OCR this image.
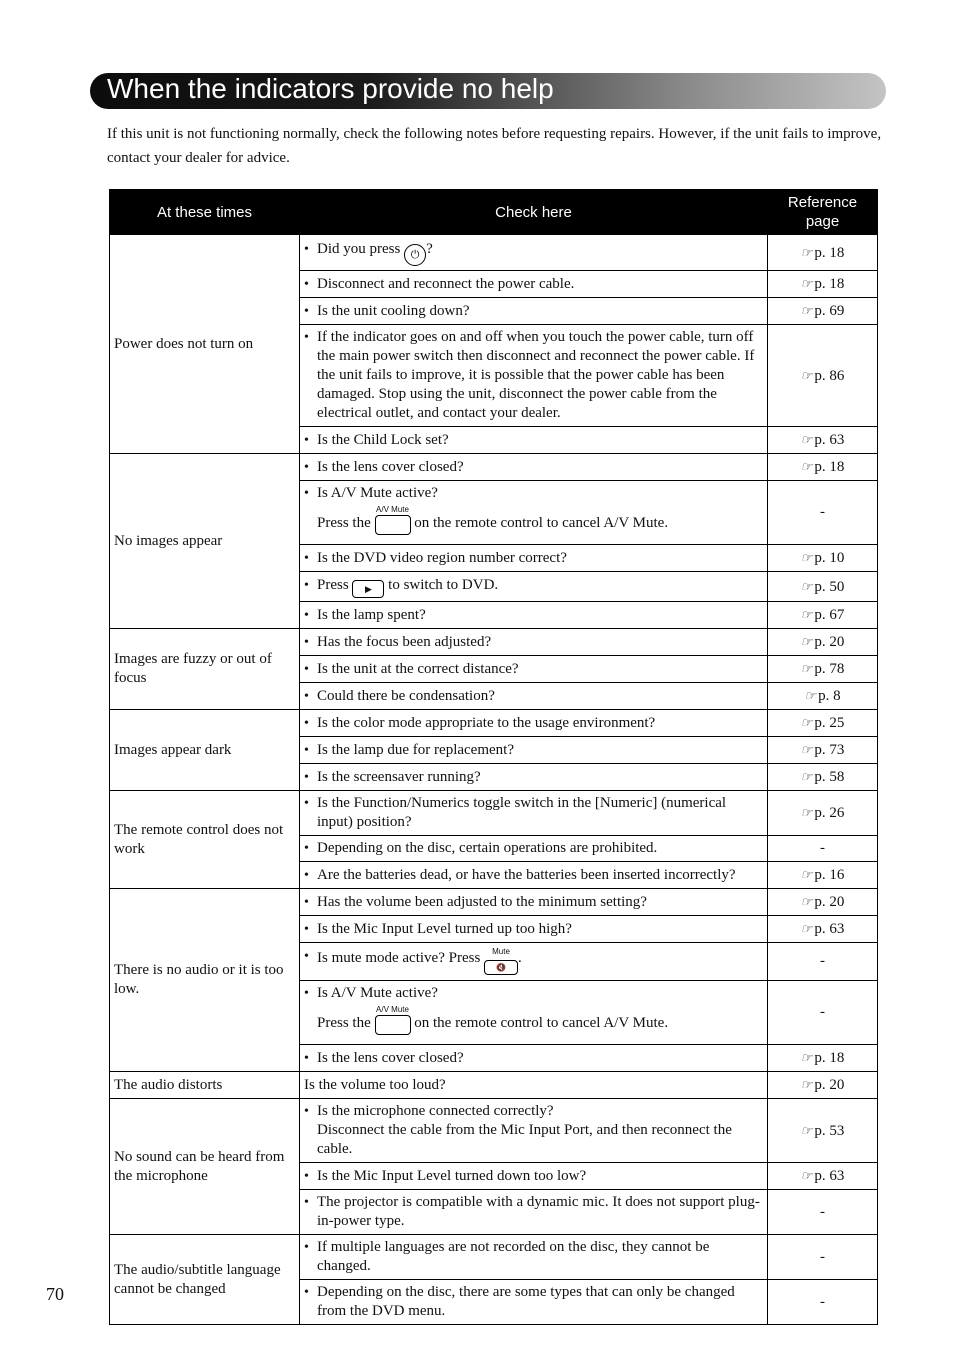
When the indicators provide no help

If this unit is not functioning normally, check the following notes before requesting repairs. However, if the unit fails to improve, contact your dealer for advice.

At these times	Check here	Reference page
Power does not turn on	• Did you press ⏻ ?	☞ p. 18

	• Disconnect and reconnect the power cable.	☞ p. 18

	• Is the unit cooling down?	☞ p. 69

	• If the indicator goes on and off when you touch the power cable, turn off the main power switch then disconnect and reconnect the power cable. If the unit fails to improve, it is possible that the power cable has been damaged. Stop using the unit, disconnect the power cable from the electrical outlet, and contact your dealer.	☞ p. 86

	• Is the Child Lock set?	☞ p. 63
No images appear	• Is the lens cover closed?	☞ p. 18

	• Is A/V Mute active?
Press the
A/V Mute
on the remote control to cancel A/V Mute.	-

	• Is the DVD video region number correct?	☞ p. 10

	• Press ▶ to switch to DVD.	☞ p. 50

	• Is the lamp spent?	☞ p. 67
Images are fuzzy or out of focus	• Has the focus been adjusted?	☞ p. 20

	• Is the unit at the correct distance?	☞ p. 78

	• Could there be condensation?	☞ p. 8
Images appear dark	• Is the color mode appropriate to the usage environment?	☞ p. 25

	• Is the lamp due for replacement?	☞ p. 73

	• Is the screensaver running?	☞ p. 58
The remote control does not work	• Is the Function/Numerics toggle switch in the [Numeric] (numerical input) position?	☞ p. 26

	• Depending on the disc, certain operations are prohibited.	-

	• Are the batteries dead, or have the batteries been inserted incorrectly?	☞ p. 16
There is no audio or it is too low.	• Has the volume been adjusted to the minimum setting?	☞ p. 20

	• Is the Mic Input Level turned up too high?	☞ p. 63

	• Is mute mode active? Press Mute
🔇.	-

	• Is A/V Mute active?
Press the
A/V Mute
on the remote control to cancel A/V Mute.	-

	• Is the lens cover closed?	☞ p. 18
The audio distorts	Is the volume too loud?	☞ p. 20
No sound can be heard from the microphone	• Is the microphone connected correctly?
Disconnect the cable from the Mic Input Port, and then reconnect the cable.	☞ p. 53

	• Is the Mic Input Level turned down too low?	☞ p. 63

	• The projector is compatible with a dynamic mic. It does not support plug-in-power type.	-
The audio/subtitle language cannot be changed	• If multiple languages are not recorded on the disc, they cannot be changed.	-

	• Depending on the disc, there are some types that can only be changed from the DVD menu.	-
70
